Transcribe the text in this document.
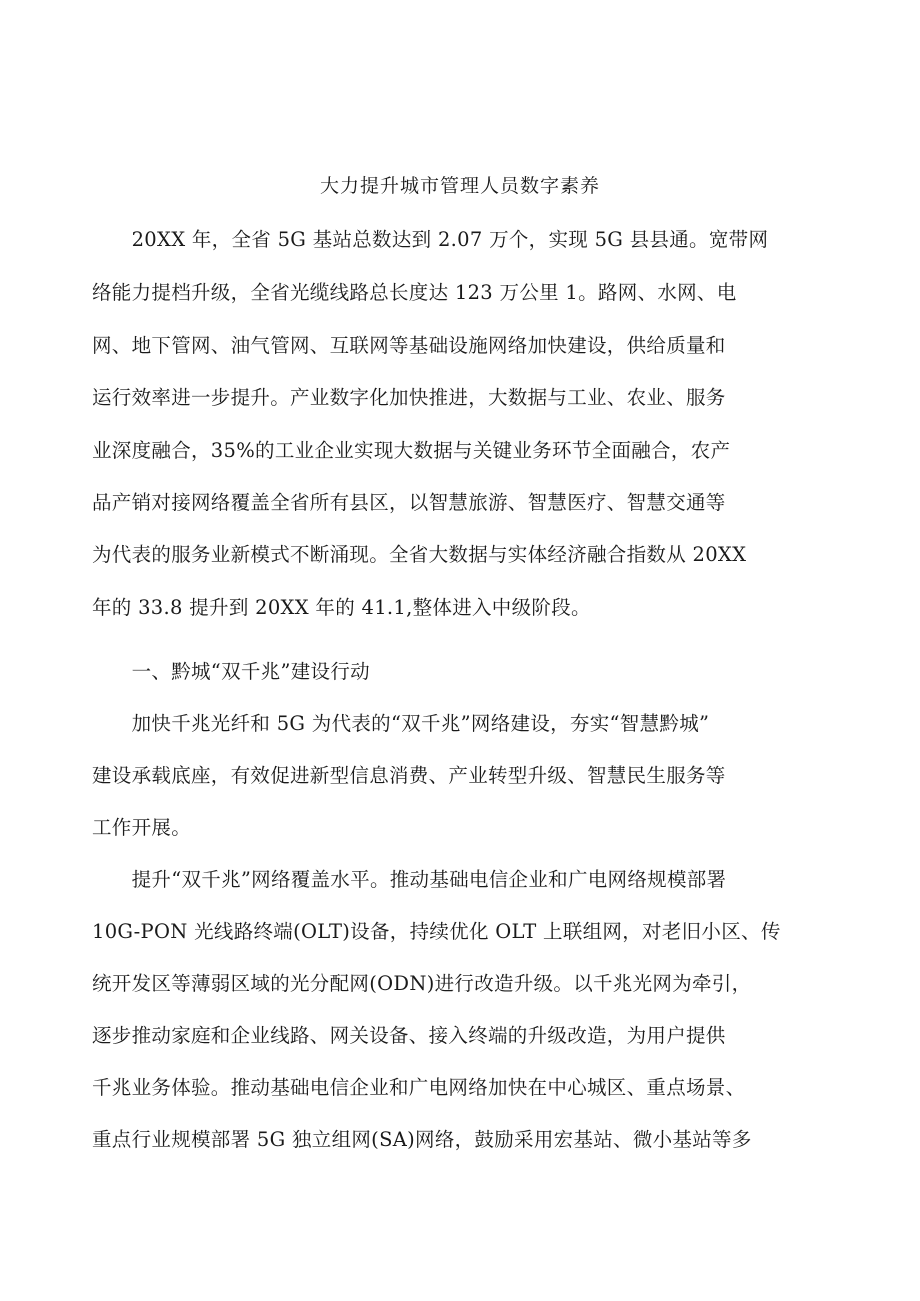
大力提升城市管理人员数字素养
　　20XX 年，全省 5G 基站总数达到 2.07 万个，实现 5G 县县通。宽带网
络能力提档升级，全省光缆线路总长度达 123 万公里 1。路网、水网、电
网、地下管网、油气管网、互联网等基础设施网络加快建设，供给质量和
运行效率进一步提升。产业数字化加快推进，大数据与工业、农业、服务
业深度融合，35%的工业企业实现大数据与关键业务环节全面融合，农产
品产销对接网络覆盖全省所有县区，以智慧旅游、智慧医疗、智慧交通等
为代表的服务业新模式不断涌现。全省大数据与实体经济融合指数从 20XX
年的 33.8 提升到 20XX 年的 41.1,整体进入中级阶段。
　　一、黔城“双千兆”建设行动
　　加快千兆光纤和 5G 为代表的“双千兆”网络建设，夯实“智慧黔城”
建设承载底座，有效促进新型信息消费、产业转型升级、智慧民生服务等
工作开展。
　　提升“双千兆”网络覆盖水平。推动基础电信企业和广电网络规模部署
10G-PON 光线路终端(OLT)设备，持续优化 OLT 上联组网，对老旧小区、传
统开发区等薄弱区域的光分配网(ODN)进行改造升级。以千兆光网为牵引，
逐步推动家庭和企业线路、网关设备、接入终端的升级改造，为用户提供
千兆业务体验。推动基础电信企业和广电网络加快在中心城区、重点场景、
重点行业规模部署 5G 独立组网(SA)网络，鼓励采用宏基站、微小基站等多
